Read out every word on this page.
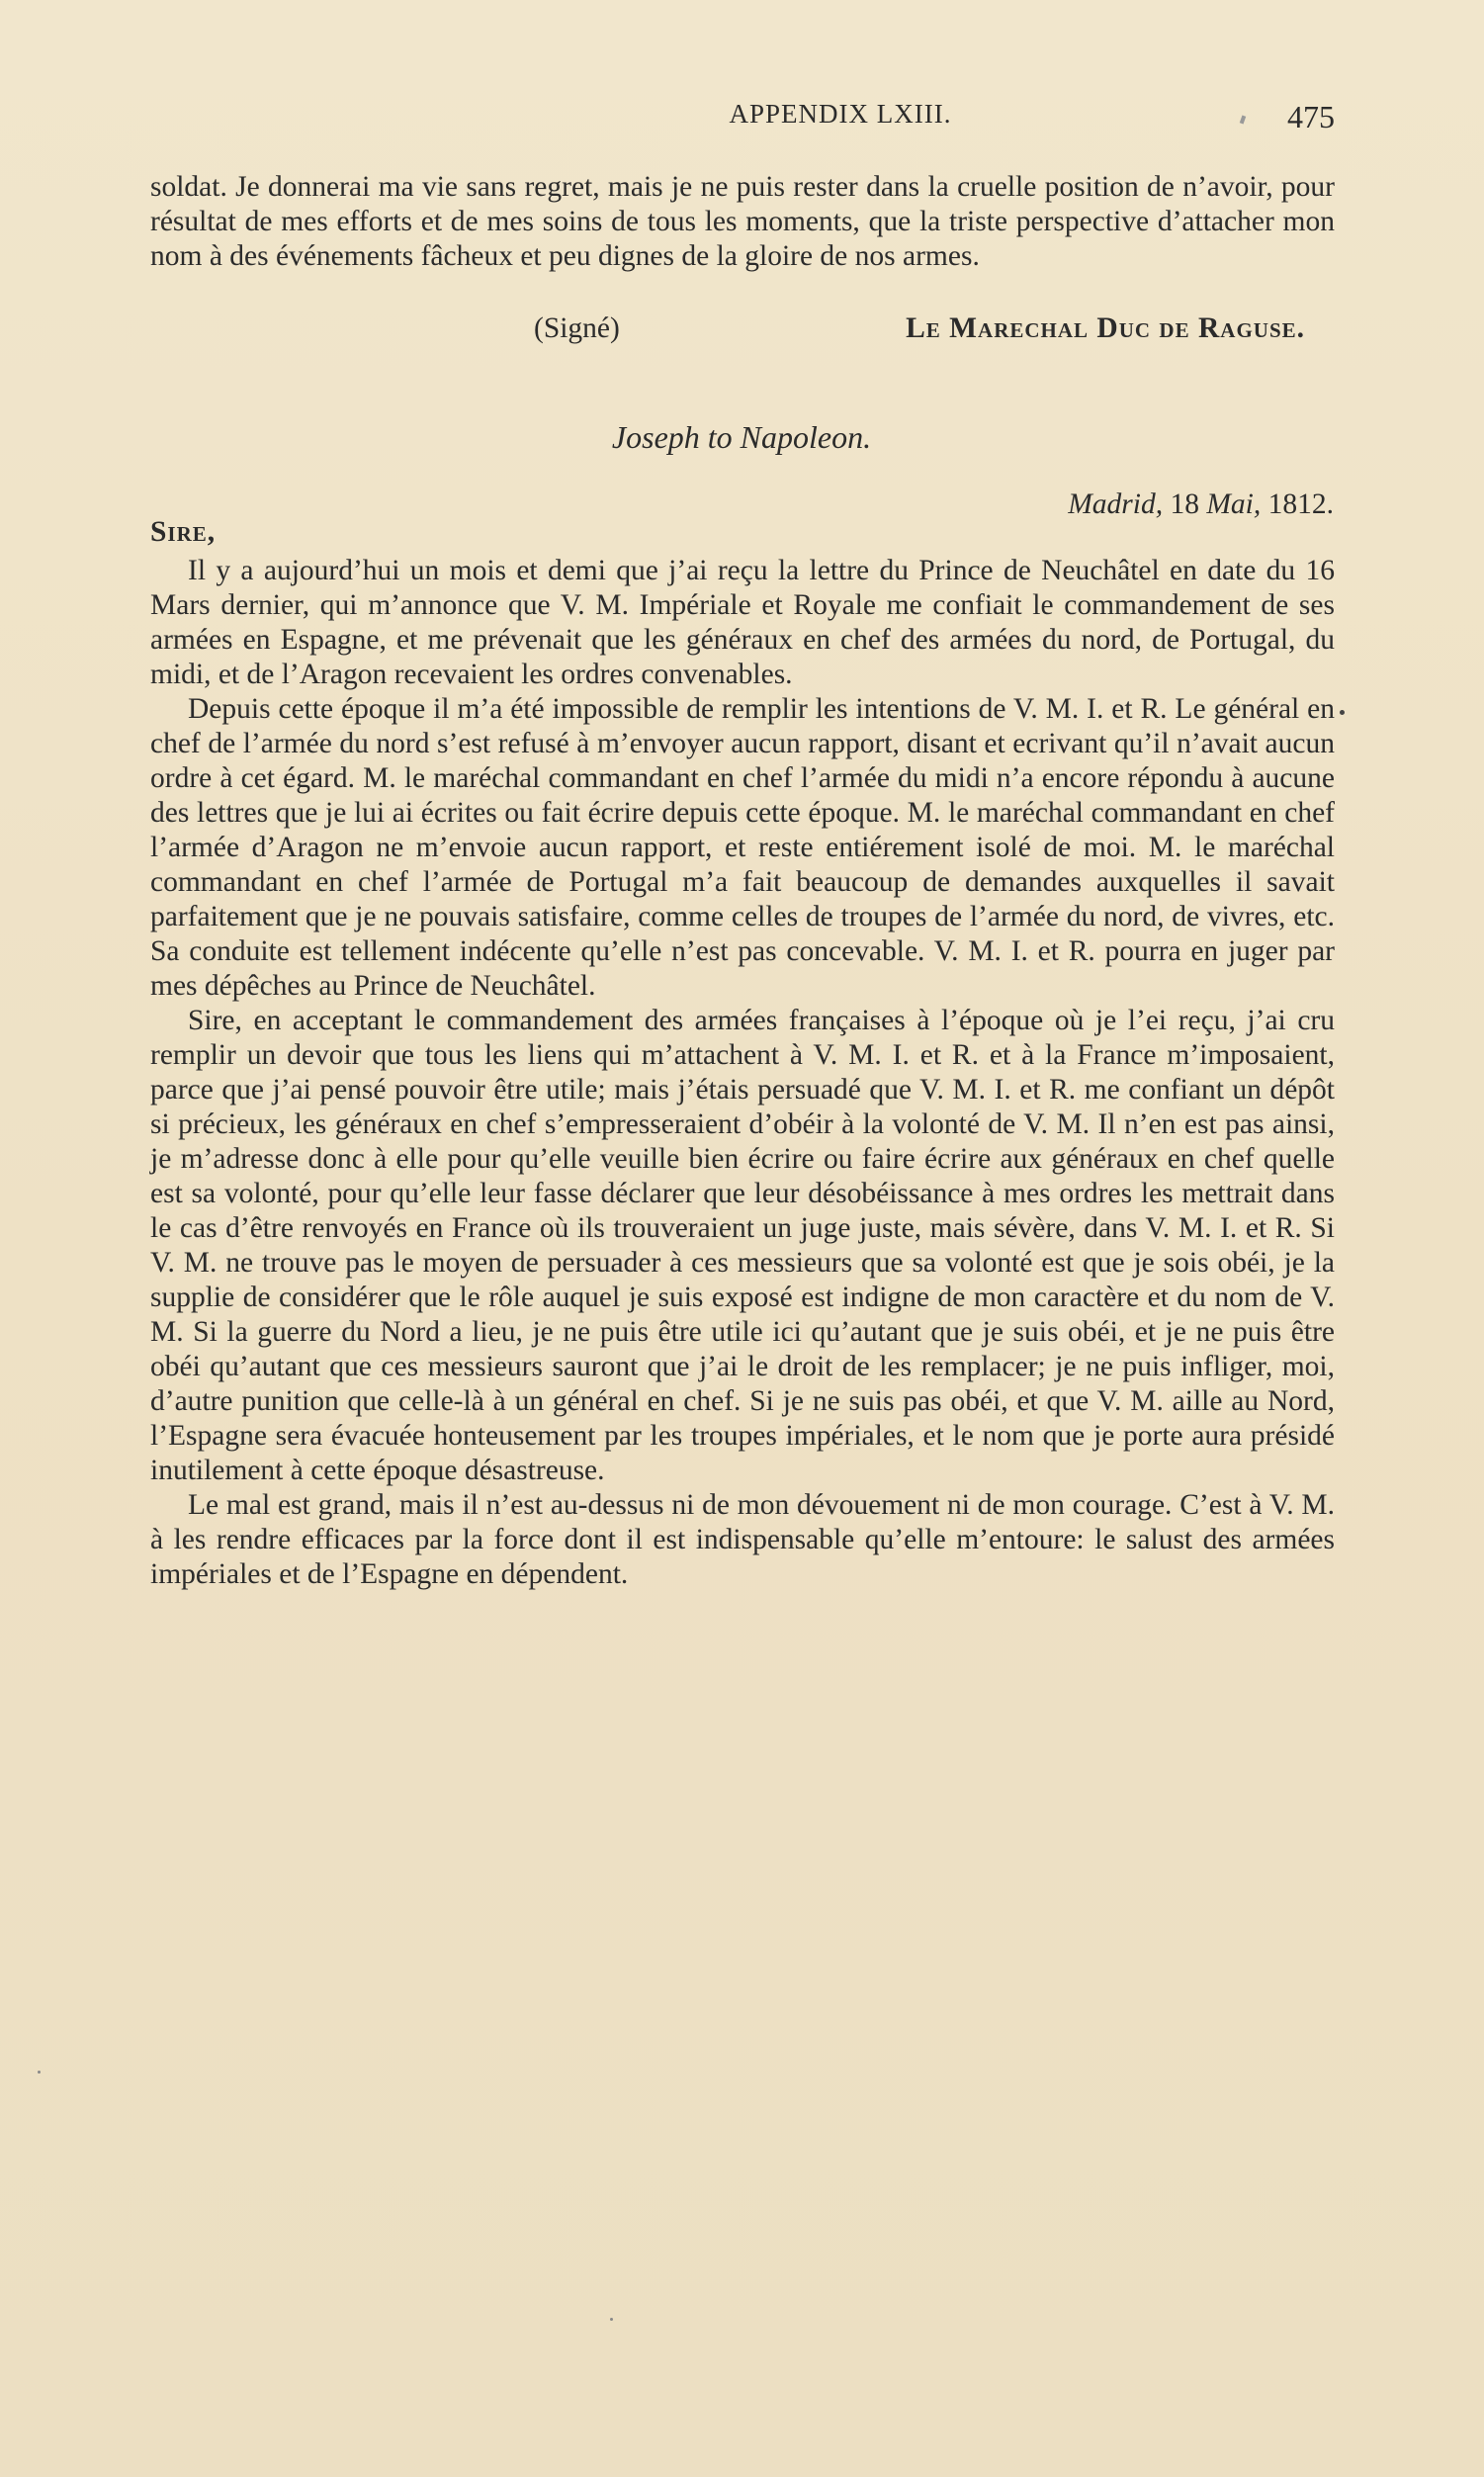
APPENDIX LXIII.	475

soldat. Je donnerai ma vie sans regret, mais je ne puis rester dans la cruelle position de n’avoir, pour résultat de mes efforts et de mes soins de tous les moments, que la triste perspective d’attacher mon nom à des événements fâcheux et peu dignes de la gloire de nos armes.

(Signé)	Le Marechal Duc de Raguse.
Joseph to Napoleon.
Madrid, 18 Mai, 1812.
Sire,

Il y a aujourd’hui un mois et demi que j’ai reçu la lettre du Prince de Neuchâtel en date du 16 Mars dernier, qui m’annonce que V. M. Impériale et Royale me confiait le commandement de ses armées en Espagne, et me prévenait que les généraux en chef des armées du nord, de Portugal, du midi, et de l’Aragon recevaient les ordres convenables.

Depuis cette époque il m’a été impossible de remplir les intentions de V. M. I. et R. Le général en chef de l’armée du nord s’est refusé à m’envoyer aucun rapport, disant et ecrivant qu’il n’avait aucun ordre à cet égard. M. le maréchal commandant en chef l’armée du midi n’a encore répondu à aucune des lettres que je lui ai écrites ou fait écrire depuis cette époque. M. le maréchal commandant en chef l’armée d’Aragon ne m’envoie aucun rapport, et reste entiérement isolé de moi. M. le maréchal commandant en chef l’armée de Portugal m’a fait beaucoup de demandes auxquelles il savait parfaitement que je ne pouvais satisfaire, comme celles de troupes de l’armée du nord, de vivres, etc. Sa conduite est tellement indécente qu’elle n’est pas concevable. V. M. I. et R. pourra en juger par mes dépêches au Prince de Neuchâtel.

Sire, en acceptant le commandement des armées françaises à l’époque où je l’ei reçu, j’ai cru remplir un devoir que tous les liens qui m’attachent à V. M. I. et R. et à la France m’imposaient, parce que j’ai pensé pouvoir être utile; mais j’étais persuadé que V. M. I. et R. me confiant un dépôt si précieux, les généraux en chef s’empresseraient d’obéir à la volonté de V. M. Il n’en est pas ainsi, je m’adresse donc à elle pour qu’elle veuille bien écrire ou faire écrire aux généraux en chef quelle est sa volonté, pour qu’elle leur fasse déclarer que leur désobéissance à mes ordres les mettrait dans le cas d’être renvoyés en France où ils trouveraient un juge juste, mais sévère, dans V. M. I. et R. Si V. M. ne trouve pas le moyen de persuader à ces messieurs que sa volonté est que je sois obéi, je la supplie de considérer que le rôle auquel je suis exposé est indigne de mon caractère et du nom de V. M. Si la guerre du Nord a lieu, je ne puis être utile ici qu’autant que je suis obéi, et je ne puis être obéi qu’autant que ces messieurs sauront que j’ai le droit de les remplacer; je ne puis infliger, moi, d’autre punition que celle-là à un général en chef. Si je ne suis pas obéi, et que V. M. aille au Nord, l’Espagne sera évacuée honteusement par les troupes impériales, et le nom que je porte aura présidé inutilement à cette époque désastreuse.

Le mal est grand, mais il n’est au-dessus ni de mon dévouement ni de mon courage. C’est à V. M. à les rendre efficaces par la force dont il est indispensable qu’elle m’entoure: le salust des armées impériales et de l’Espagne en dépendent.
